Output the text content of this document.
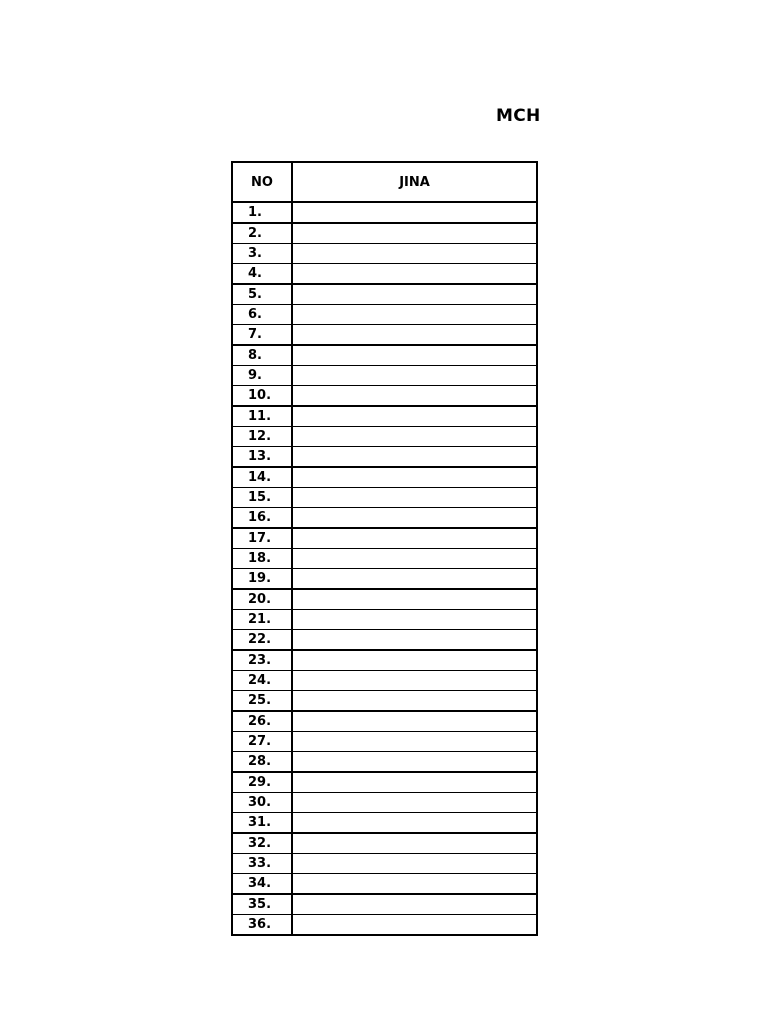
MCH
NO	JINA
1.	
2.	
3.	
4.	
5.	
6.	
7.	
8.	
9.	
10.	
11.	
12.	
13.	
14.	
15.	
16.	
17.	
18.	
19.	
20.	
21.	
22.	
23.	
24.	
25.	
26.	
27.	
28.	
29.	
30.	
31.	
32.	
33.	
34.	
35.	
36.	
